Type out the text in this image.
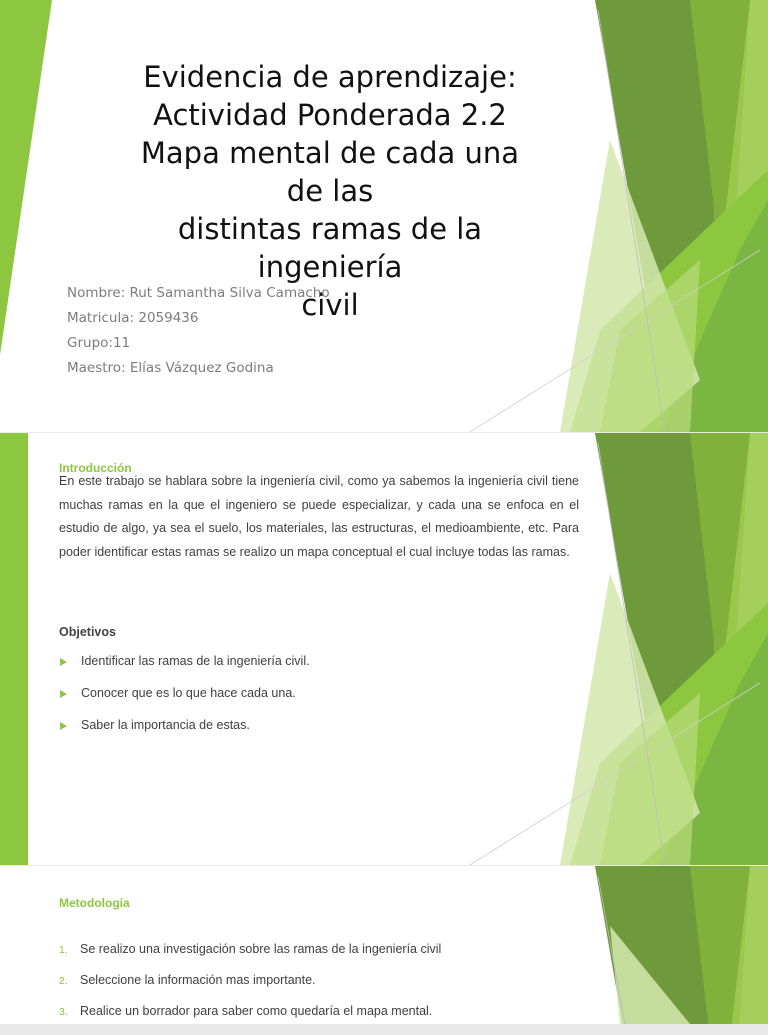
Evidencia de aprendizaje:
Actividad Ponderada 2.2
Mapa mental de cada una de las
distintas ramas de la ingeniería
civil
Nombre: Rut Samantha Silva Camacho
Matricula: 2059436
Grupo:11
Maestro: Elías Vázquez Godina
Introducción

En este trabajo se hablara sobre la ingeniería civil, como ya sabemos la ingeniería civil tiene muchas ramas en la que el ingeniero se puede especializar, y cada una se enfoca en el estudio de algo, ya sea el suelo, los materiales, las estructuras, el medioambiente, etc. Para poder identificar estas ramas se realizo un mapa conceptual el cual incluye todas las ramas.

Objetivos
Identificar las ramas de la ingeniería civil.
Conocer que es lo que hace cada una.
Saber la importancia de estas.
Metodología
1. Se realizo una investigación sobre las ramas de la ingeniería civil
2. Seleccione la información mas importante.
3. Realice un borrador para saber como quedaría el mapa mental.
